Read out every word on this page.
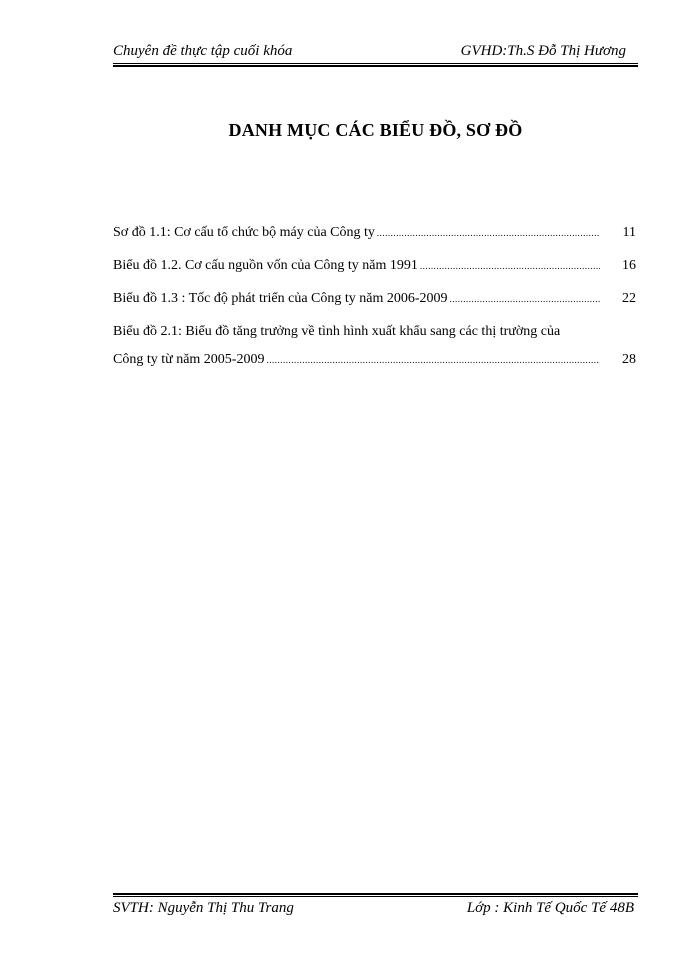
Chuyên đề thực tập cuối khóa	GVHD:Th.S Đỗ Thị Hương
DANH MỤC CÁC BIỂU ĐỒ, SƠ ĐỒ
Sơ đồ 1.1: Cơ cấu tổ chức bộ máy của Công ty .....	11
Biểu đồ 1.2. Cơ cấu nguồn vốn của Công ty năm 1991 .....	16
Biểu đồ 1.3 : Tốc độ phát triển của Công ty năm 2006-2009 .....	22
Biểu đồ 2.1: Biểu đồ tăng trưởng về tình hình xuất khẩu sang các thị trường của
Công ty từ năm 2005-2009 .....	28
SVTH: Nguyễn Thị Thu Trang	Lớp : Kinh Tế Quốc Tế 48B
